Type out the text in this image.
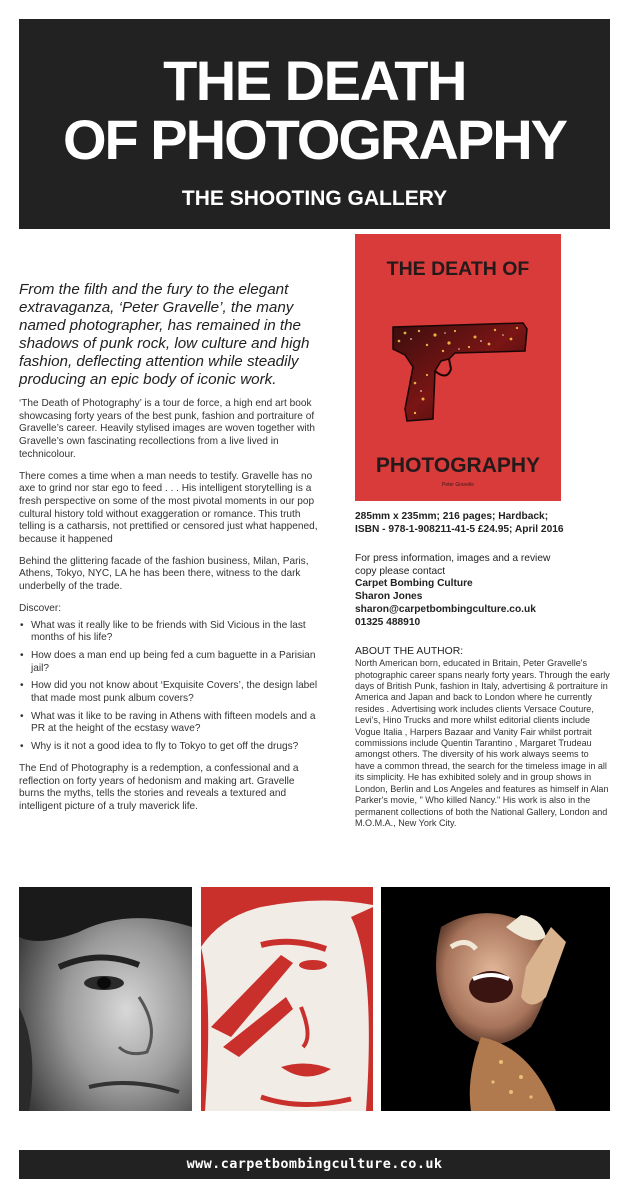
THE DEATH
OF PHOTOGRAPHY
THE SHOOTING GALLERY

From the filth and the fury to the elegant extravaganza, ‘Peter Gravelle’, the many named photographer, has remained in the shadows of punk rock, low culture and high fashion, deflecting attention while steadily producing an epic body of iconic work.

‘The Death of Photography’ is a tour de force, a high end art book showcasing forty years of the best punk, fashion and portraiture of Gravelle’s career. Heavily stylised images are woven together with Gravelle’s own fascinating recollections from a live lived in technicolour.

There comes a time when a man needs to testify. Gravelle has no axe to grind nor star ego to feed . . . His intelligent storytelling is a fresh perspective on some of the most pivotal moments in our pop cultural history told without exaggeration or romance. This truth telling is a catharsis, not prettified or censored just what happened, because it happened

Behind the glittering facade of the fashion business, Milan, Paris, Athens, Tokyo, NYC, LA he has been there, witness to the dark underbelly of the trade.

Discover:

• What was it really like to be friends with Sid Vicious in the last months of his life?
• How does a man end up being fed a cum baguette in a Parisian jail?
• How did you not know about ‘Exquisite Covers’, the design label that made most punk album covers?
• What was it like to be raving in Athens with fifteen models and a PR at the height of the ecstasy wave?
• Why is it not a good idea to fly to Tokyo to get off the drugs?

The End of Photography is a redemption, a confessional and a reflection on forty years of hedonism and making art. Gravelle burns the myths, tells the stories and reveals a textured and intelligent picture of a truly maverick life.

THE DEATH OF
PHOTOGRAPHY
Peter Gravelle
285mm x 235mm; 216 pages; Hardback;
ISBN - 978-1-908211-41-5 £24.95; April 2016
For press information, images and a review
copy please contact
Carpet Bombing Culture
Sharon Jones
sharon@carpetbombingculture.co.uk
01325 488910
ABOUT THE AUTHOR:

North American born, educated in Britain, Peter Gravelle's photographic career spans nearly forty years. Through the early days of British Punk, fashion in Italy, advertising & portraiture in America and Japan and back to London where he currently resides . Advertising work includes clients Versace Couture, Levi's, Hino Trucks and more whilst editorial clients include Vogue Italia , Harpers Bazaar and Vanity Fair whilst portrait commissions include Quentin Tarantino , Margaret Trudeau amongst others. The diversity of his work always seems to have a common thread, the search for the timeless image in all its simplicity. He has exhibited solely and in group shows in London, Berlin and Los Angeles and features as himself in Alan Parker's movie, " Who killed Nancy." His work is also in the permanent collections of both the National Gallery, London and M.O.M.A., New York City.

www.carpetbombingculture.co.uk
